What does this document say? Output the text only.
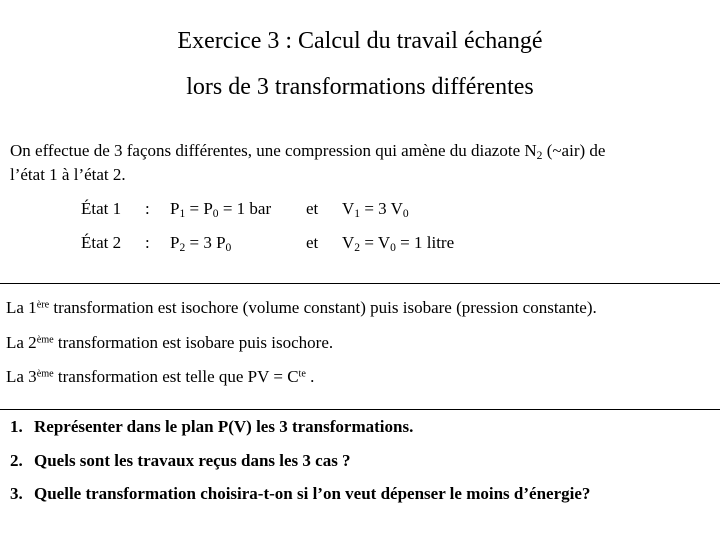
Exercice 3 : Calcul du travail échangé
lors de 3 transformations différentes
On effectue de 3 façons différentes, une compression qui amène du diazote $N_2$ (~air) de
l’état 1 à l’état 2.
État 1 : $P_1 = P_0 = 1$ bar et $V_1 = 3$ $V_0$
État 2 : $P_2 = 3$ $P_0$	et $V_2 = V_0 = 1$ litre
La 1ère transformation est isochore (volume constant) puis isobare (pression constante).
La 2ème transformation est isobare puis isochore.
La 3ème transformation est telle que PV = $C^{te}$ .
1. Représenter dans le plan P(V) les 3 transformations.
2. Quels sont les travaux reçus dans les 3 cas ?
3. Quelle transformation choisira-t-on si l’on veut dépenser le moins d’énergie?
